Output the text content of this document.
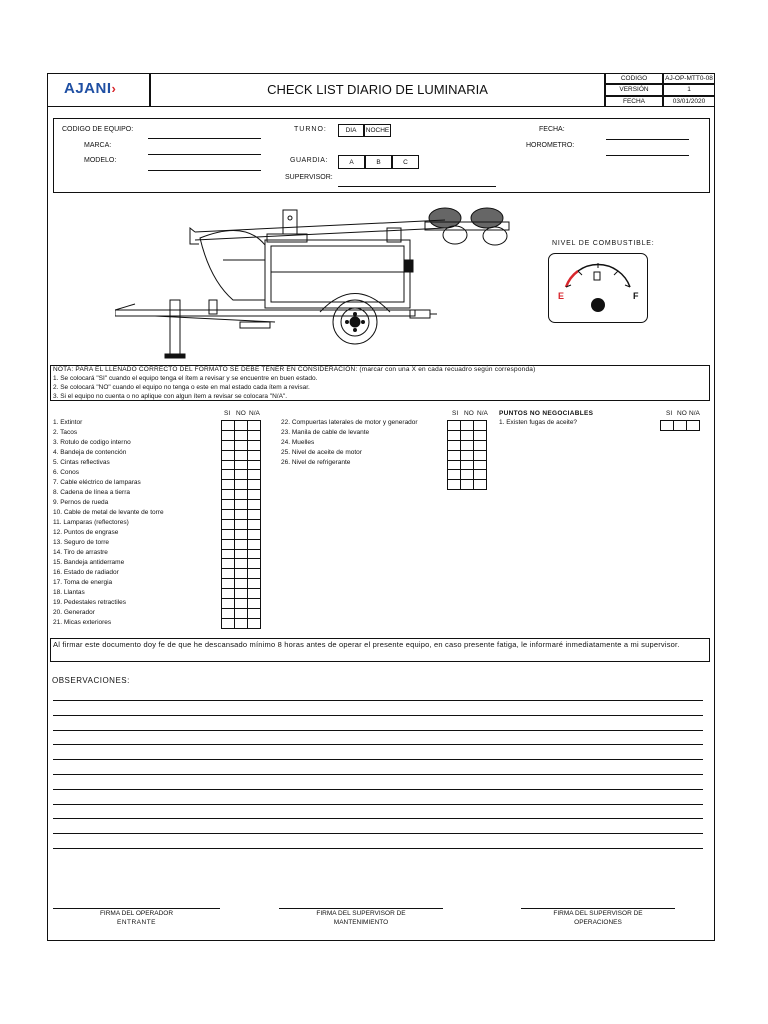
AJANI›	CHECK LIST DIARIO DE LUMINARIA
CODIGO	AJ-OP-MTT0-08
VERSIÓN	1
FECHA	03/01/2020
CODIGO DE EQUIPO:
MARCA:
MODELO:
TURNO:	DIA	NOCHE
GUARDIA:	A	B	C
SUPERVISOR:
FECHA:
HOROMETRO:
NIVEL DE COMBUSTIBLE:
E	F
NOTA: PARA EL LLENADO CORRECTO DEL FORMATO SE DEBE TENER EN CONSIDERACION: (marcar con una X en cada recuadro según corresponda)
1. Se colocará "SI" cuando el equipo tenga el ítem a revisar y se encuentre en buen estado.
2. Se colocará "NO" cuando el equipo no tenga o este en mal estado cada ítem a revisar.
3. Si el equipo no cuenta o no aplique con algun ítem a revisar se colocara "N/A".
SI NO N/A
1. Extintor
2. Tacos
3. Rotulo de codigo interno
4. Bandeja de contención
5. Cintas reflectivas
6. Conos
7. Cable eléctrico de lamparas
8. Cadena de línea a tierra
9. Pernos de rueda
10. Cable de metal de levante de torre
11. Lamparas (reflectores)
12. Puntos de engrase
13. Seguro de torre
14. Tiro de arrastre
15. Bandeja antiderrame
16. Estado de radiador
17. Toma de energia
18. Llantas
19. Pedestales retractiles
20. Generador
21. Micas exteriores

SI NO N/A
22. Compuertas laterales de motor y generador
23. Manila de cable de levante
24. Muelles
25. Nivel de aceite de motor
26. Nivel de refrigerante

PUNTOS NO NEGOCIABLES	SI NO N/A
1. Existen fugas de aceite?

Al firmar este documento doy fe de que he descansado mínimo 8 horas antes de operar el presente equipo, en caso presente fatiga, le informaré inmediatamente a mi supervisor.
OBSERVACIONES:
FIRMA DEL OPERADOR
ENTRANTE
FIRMA DEL SUPERVISOR DE
MANTENIMIENTO
FIRMA DEL SUPERVISOR DE
OPERACIONES
